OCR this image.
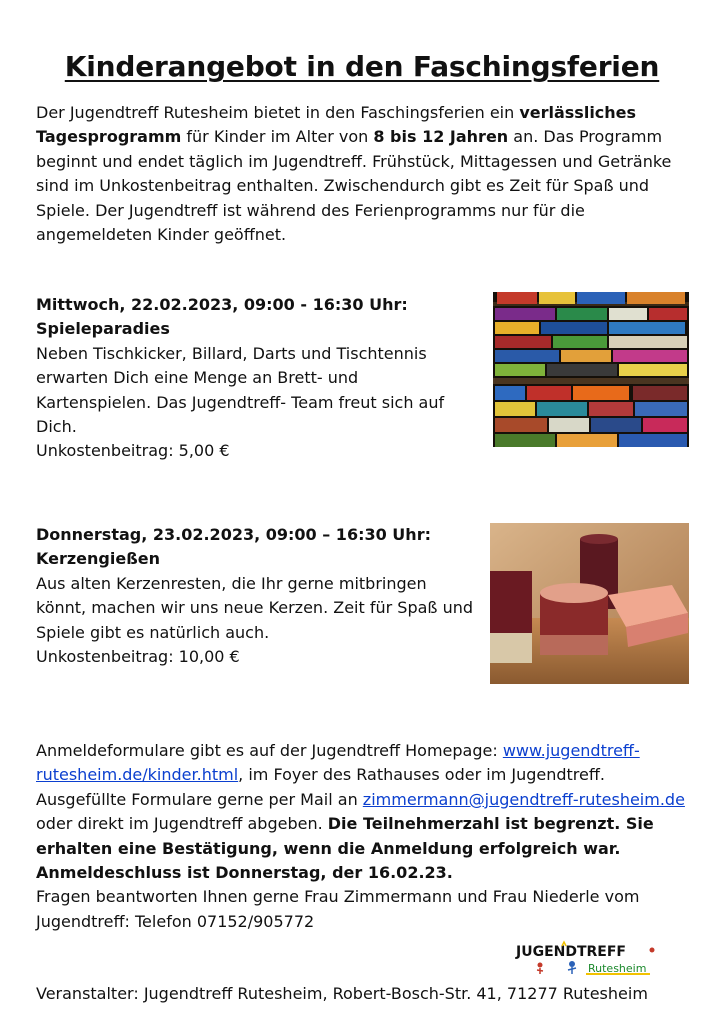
Kinderangebot in den Faschingsferien
Der Jugendtreff Rutesheim bietet in den Faschingsferien ein verlässliches Tagesprogramm für Kinder im Alter von 8 bis 12 Jahren an. Das Programm beginnt und endet täglich im Jugendtreff. Frühstück, Mittagessen und Getränke sind im Unkostenbeitrag enthalten. Zwischendurch gibt es Zeit für Spaß und Spiele. Der Jugendtreff ist während des Ferienprogramms nur für die angemeldeten Kinder geöffnet.
Mittwoch, 22.02.2023, 09:00 - 16:30 Uhr:
Spieleparadies
Neben Tischkicker, Billard, Darts und Tischtennis erwarten Dich eine Menge an Brett- und Kartenspielen. Das Jugendtreff- Team freut sich auf Dich.
Unkostenbeitrag: 5,00 €
Donnerstag, 23.02.2023, 09:00 – 16:30 Uhr:
Kerzengießen
Aus alten Kerzenresten, die Ihr gerne mitbringen könnt, machen wir uns neue Kerzen. Zeit für Spaß und Spiele gibt es natürlich auch.
Unkostenbeitrag: 10,00 €
Anmeldeformulare gibt es auf der Jugendtreff Homepage: www.jugendtreff-rutesheim.de/kinder.html, im Foyer des Rathauses oder im Jugendtreff. Ausgefüllte Formulare gerne per Mail an zimmermann@jugendtreff-rutesheim.de oder direkt im Jugendtreff abgeben. Die Teilnehmerzahl ist begrenzt. Sie erhalten eine Bestätigung, wenn die Anmeldung erfolgreich war. Anmeldeschluss ist Donnerstag, der 16.02.23.
Fragen beantworten Ihnen gerne Frau Zimmermann und Frau Niederle vom Jugendtreff: Telefon 07152/905772
JUGENDTREFF
Rutesheim
Veranstalter: Jugendtreff Rutesheim, Robert-Bosch-Str. 41, 71277 Rutesheim
